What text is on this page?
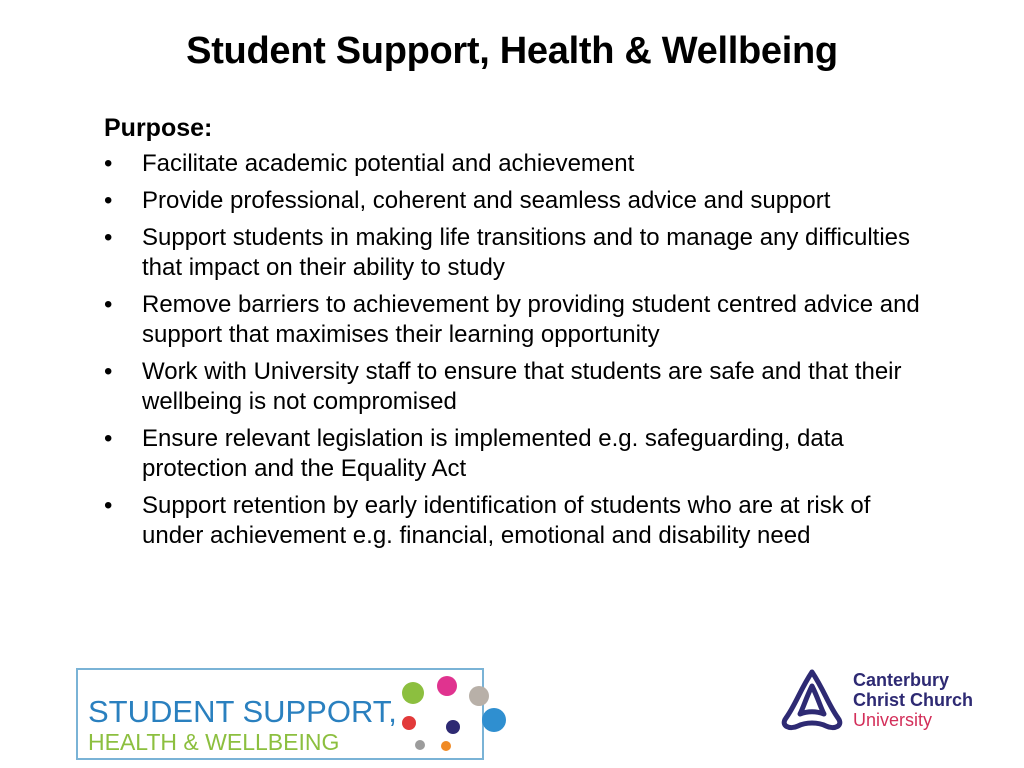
Student Support, Health & Wellbeing
Purpose:
•	Facilitate academic potential and achievement
•	Provide professional, coherent and seamless advice and support
•	Support students in making life transitions and to manage any difficulties that impact on their ability to study
•	Remove barriers to achievement by providing student centred advice and support that maximises their learning opportunity
•	Work with University staff to ensure that students are safe and that their wellbeing is not compromised
•	Ensure relevant legislation is implemented e.g. safeguarding, data protection and the Equality Act
•	Support retention by early identification of students who are at risk of under achievement e.g. financial, emotional and disability need
STUDENT SUPPORT,
HEALTH & WELLBEING
Canterbury
Christ Church
University
